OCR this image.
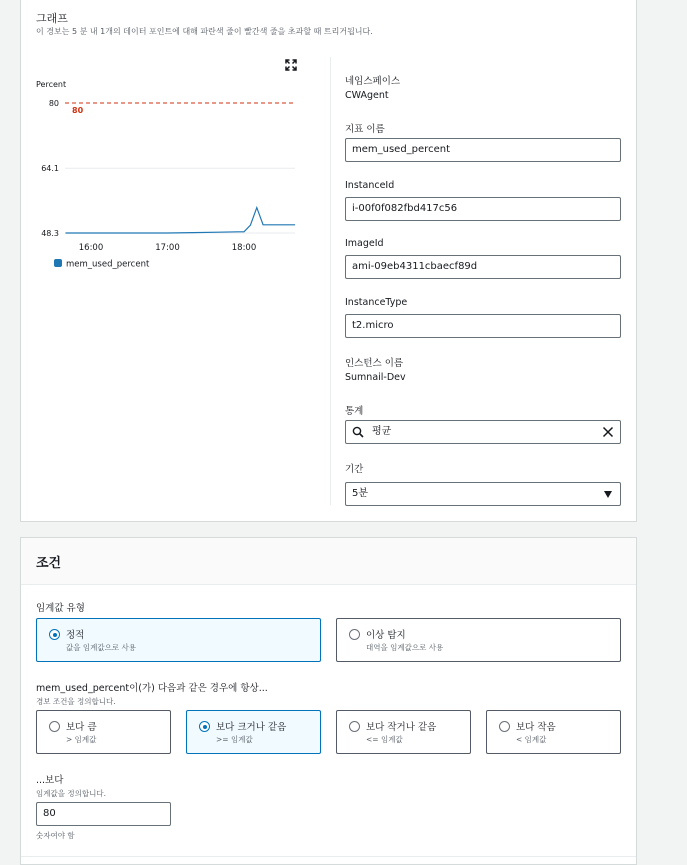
그래프
이 경보는 5 분 내 1개의 데이터 포인트에 대해 파란색 줄이 빨간색 줄을 초과할 때 트리거됩니다.
Percent
80
64.1
48.3
80
16:00	17:00	18:00
mem_used_percent
네임스페이스
CWAgent
지표 이름
mem_used_percent
InstanceId
i-00f0f082fbd417c56
ImageId
ami-09eb4311cbaecf89d
InstanceType
t2.micro
인스턴스 이름
Sumnail-Dev
통계
평균
기간
5분
조건
임계값 유형
정적
값을 임계값으로 사용
이상 탐지
대역을 임계값으로 사용
mem_used_percent이(가) 다음과 같은 경우에 항상...
경보 조건을 정의합니다.
보다 큼
> 임계값
보다 크거나 같음
>= 임계값
보다 작거나 같음
<= 임계값
보다 작음
< 임계값
...보다
임계값을 정의합니다.
80
숫자여야 함
